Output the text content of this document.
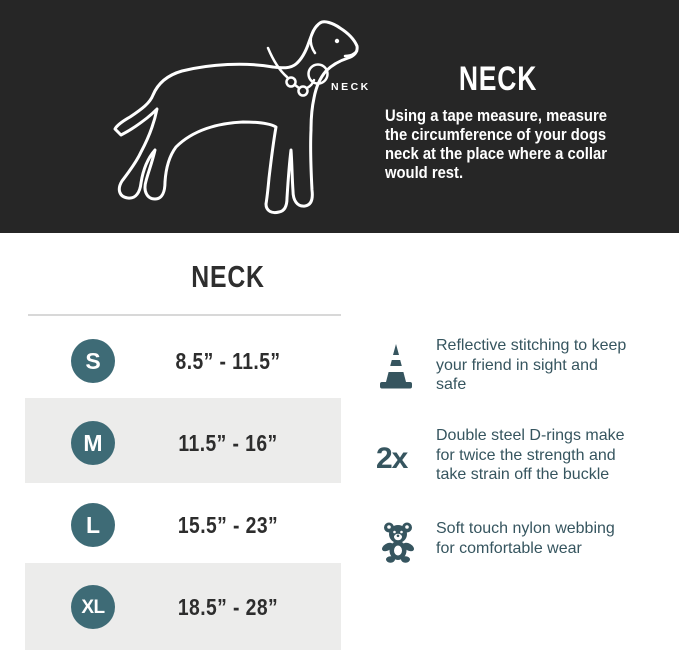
NECK	NECK
Using a tape measure, measure
the circumference of your dogs
neck at the place where a collar
would rest.
NECK
S
M
L
XL
8.5” - 11.5”
11.5” - 16”
15.5” - 23”
18.5” - 28”
Reflective stitching to keep
your friend in sight and
safe
2x
Double steel D-rings make
for twice the strength and
take strain off the buckle
Soft touch nylon webbing
for comfortable wear
